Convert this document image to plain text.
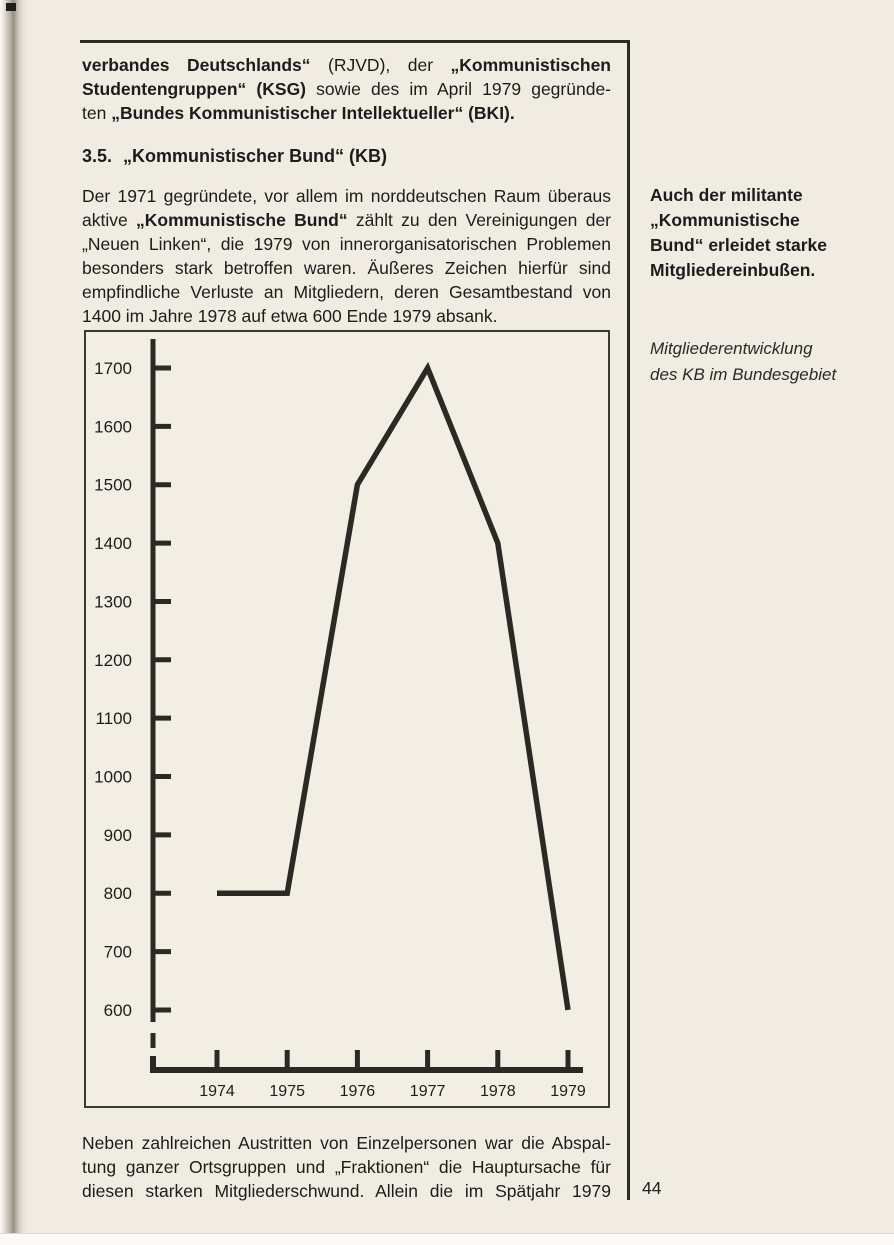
verbandes Deutschlands“ (RJVD), der „Kommunistischen
Studentengruppen“ (KSG) sowie des im April 1979 gegründe-
ten „Bundes Kommunistischer Intellektueller“ (BKI).
3.5. „Kommunistischer Bund“ (KB)
Der 1971 gegründete, vor allem im norddeutschen Raum überaus
aktive „Kommunistische Bund“ zählt zu den Vereinigungen der
„Neuen Linken“, die 1979 von innerorganisatorischen Problemen
besonders stark betroffen waren. Äußeres Zeichen hierfür sind
empfindliche Verluste an Mitgliedern, deren Gesamtbestand von
1400 im Jahre 1978 auf etwa 600 Ende 1979 absank.
Auch der militante
„Kommunistische
Bund“ erleidet starke
Mitgliedereinbußen.
Mitgliederentwicklung
des KB im Bundesgebiet
600
700
800
900
1000
1100
1200
1300
1400
1500
1600
1700
1974 1975 1976 1977 1978 1979
Neben zahlreichen Austritten von Einzelpersonen war die Abspal-
tung ganzer Ortsgruppen und „Fraktionen“ die Hauptursache für
diesen starken Mitgliederschwund. Allein die im Spätjahr 1979 44
